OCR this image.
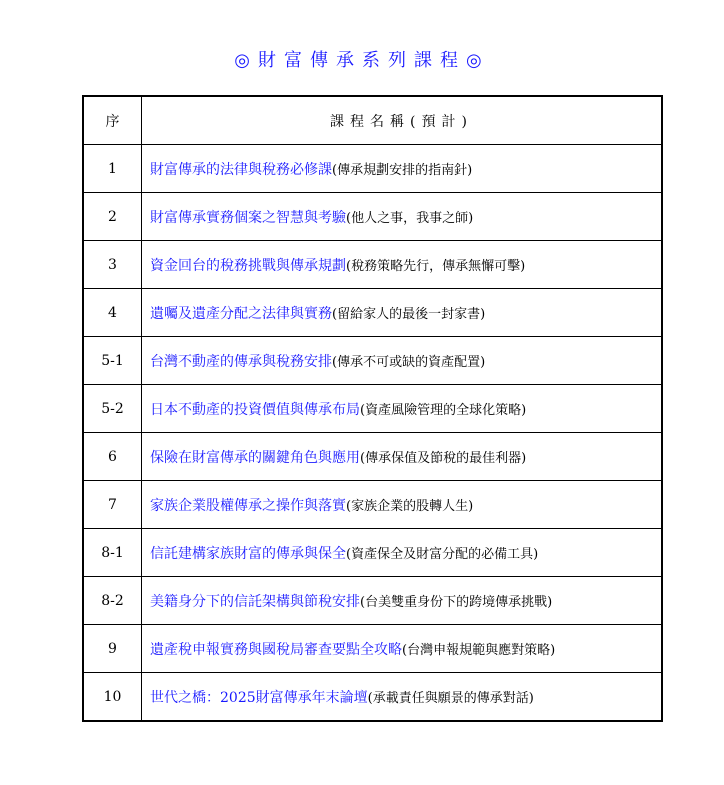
◎財富傳承系列課程◎
序	課程名稱(預計)
1	財富傳承的法律與稅務必修課(傳承規劃安排的指南針)
2	財富傳承實務個案之智慧與考驗(他人之事，我事之師)
3	資金回台的稅務挑戰與傳承規劃(稅務策略先行，傳承無懈可擊)
4	遺囑及遺產分配之法律與實務(留給家人的最後一封家書)
5-1	台灣不動產的傳承與稅務安排(傳承不可或缺的資產配置)
5-2	日本不動產的投資價值與傳承布局(資產風險管理的全球化策略)
6	保險在財富傳承的關鍵角色與應用(傳承保值及節稅的最佳利器)
7	家族企業股權傳承之操作與落實(家族企業的股轉人生)
8-1	信託建構家族財富的傳承與保全(資產保全及財富分配的必備工具)
8-2	美籍身分下的信託架構與節稅安排(台美雙重身份下的跨境傳承挑戰)
9	遺產稅申報實務與國稅局審查要點全攻略(台灣申報規範與應對策略)
10	世代之橋：2025財富傳承年末論壇(承載責任與願景的傳承對話)
